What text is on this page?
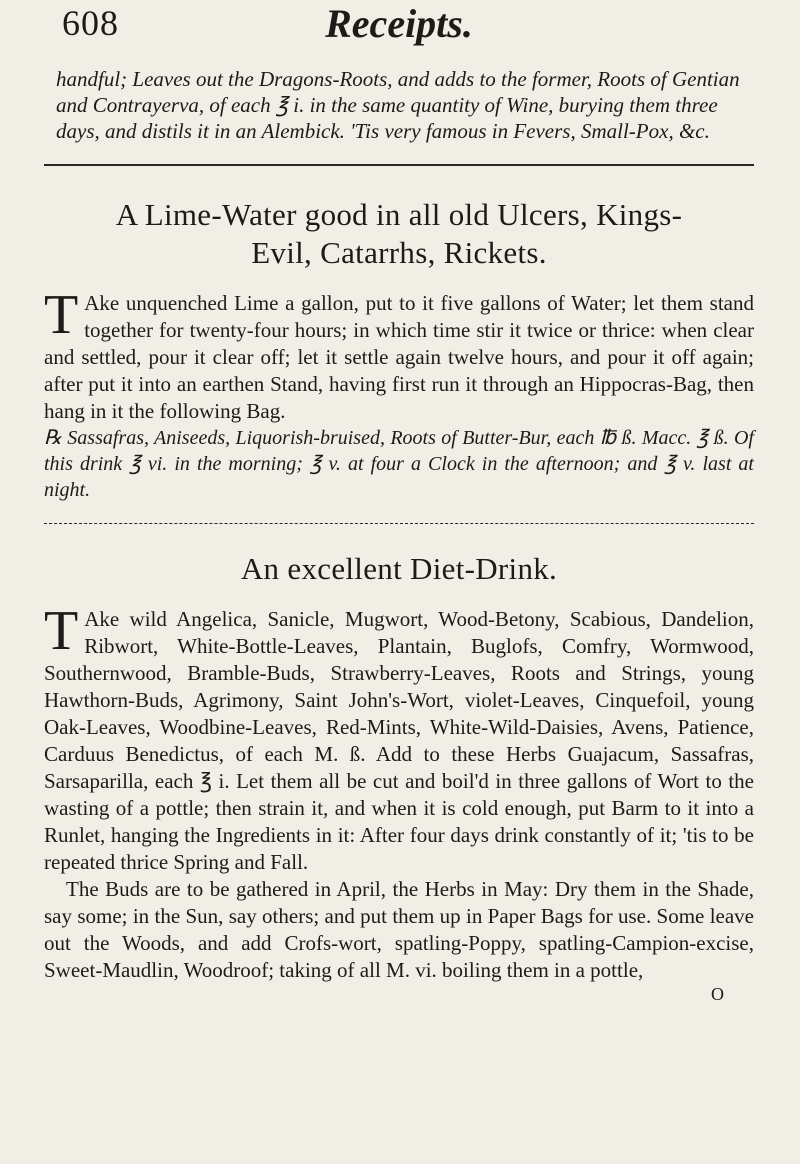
608	Receipts.
handful; Leaves out the Dragons-Roots, and adds to the former, Roots of Gentian and Contrayerva, of each ℥ i. in the same quantity of Wine, burying them three days, and distils it in an Alembick. 'Tis very famous in Fevers, Small-Pox, &c.
A Lime-Water good in all old Ulcers, Kings-
Evil, Catarrhs, Rickets.
T Ake unquenched Lime a gallon, put to it five gallons of Water; let them stand together for twenty-four hours; in which time stir it twice or thrice: when clear and settled, pour it clear off; let it settle again twelve hours, and pour it off again; after put it into an earthen Stand, having first run it through an Hippocras-Bag, then hang in it the following Bag.
℞ Sassafras, Aniseeds, Liquorish-bruised, Roots of Butter-Bur, each ℔ ß. Macc. ℥ ß. Of this drink ℥ vi. in the morning; ℥ v. at four a Clock in the afternoon; and ℥ v. last at night.
An excellent Diet-Drink.
T Ake wild Angelica, Sanicle, Mugwort, Wood-Betony, Scabious, Dandelion, Ribwort, White-Bottle-Leaves, Plantain, Buglofs, Comfry, Wormwood, Southernwood, Bramble-Buds, Strawberry-Leaves, Roots and Strings, young Hawthorn-Buds, Agrimony, Saint John's-Wort, violet-Leaves, Cinquefoil, young Oak-Leaves, Woodbine-Leaves, Red-Mints, White-Wild-Daisies, Avens, Patience, Carduus Benedictus, of each M. ß. Add to these Herbs Guajacum, Sassafras, Sarsaparilla, each ℥ i. Let them all be cut and boil'd in three gallons of Wort to the wasting of a pottle; then strain it, and when it is cold enough, put Barm to it into a Runlet, hanging the Ingredients in it: After four days drink constantly of it; 'tis to be repeated thrice Spring and Fall.
The Buds are to be gathered in April, the Herbs in May: Dry them in the Shade, say some; in the Sun, say others; and put them up in Paper Bags for use. Some leave out the Woods, and add Crofs-wort, spatling-Poppy, spatling-Campion-excise, Sweet-Maudlin, Woodroof; taking of all M. vi. boiling them in a pottle,
O
